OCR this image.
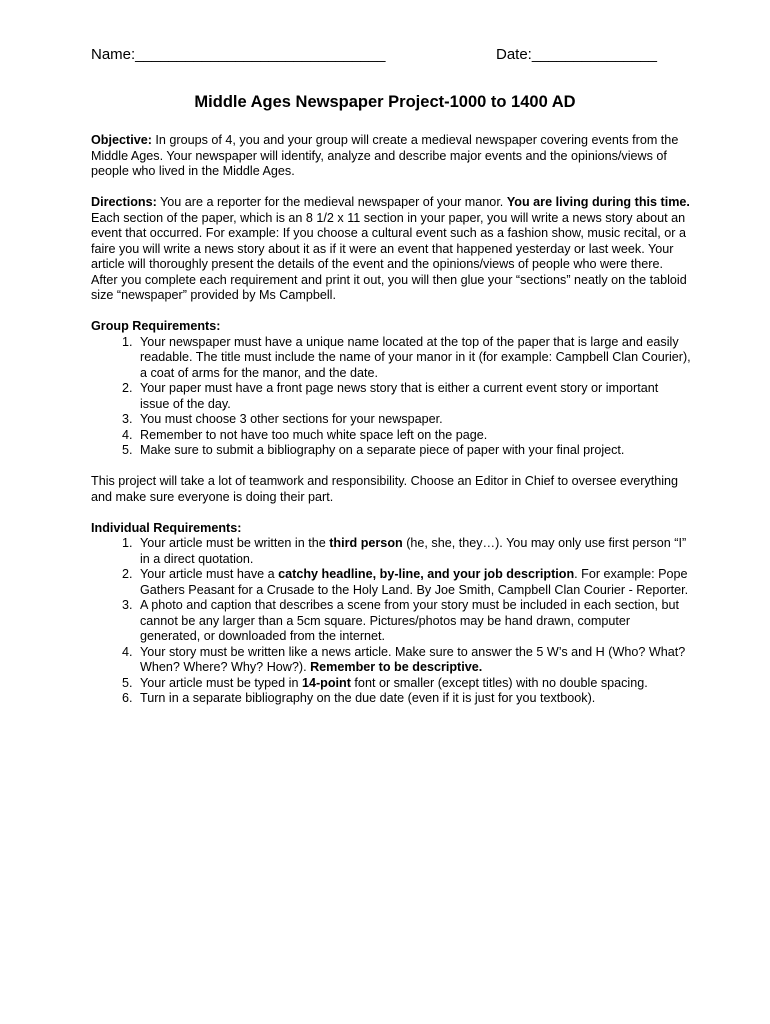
Name:______________________________	Date:_______________
Middle Ages Newspaper Project-1000 to 1400 AD

Objective: In groups of 4, you and your group will create a medieval newspaper covering events from the Middle Ages. Your newspaper will identify, analyze and describe major events and the opinions/views of people who lived in the Middle Ages.

Directions: You are a reporter for the medieval newspaper of your manor. You are living during this time. Each section of the paper, which is an 8 1/2 x 11 section in your paper, you will write a news story about an event that occurred. For example: If you choose a cultural event such as a fashion show, music recital, or a faire you will write a news story about it as if it were an event that happened yesterday or last week. Your article will thoroughly present the details of the event and the opinions/views of people who were there. After you complete each requirement and print it out, you will then glue your “sections” neatly on the tabloid size “newspaper” provided by Ms Campbell.

Group Requirements:
1. Your newspaper must have a unique name located at the top of the paper that is large and easily readable. The title must include the name of your manor in it (for example: Campbell Clan Courier), a coat of arms for the manor, and the date.
2. Your paper must have a front page news story that is either a current event story or important issue of the day.
3. You must choose 3 other sections for your newspaper.
4. Remember to not have too much white space left on the page.
5. Make sure to submit a bibliography on a separate piece of paper with your final project.

This project will take a lot of teamwork and responsibility. Choose an Editor in Chief to oversee everything and make sure everyone is doing their part.

Individual Requirements:
1. Your article must be written in the third person (he, she, they…). You may only use first person “I” in a direct quotation.
2. Your article must have a catchy headline, by-line, and your job description. For example: Pope Gathers Peasant for a Crusade to the Holy Land. By Joe Smith, Campbell Clan Courier - Reporter.
3. A photo and caption that describes a scene from your story must be included in each section, but cannot be any larger than a 5cm square. Pictures/photos may be hand drawn, computer generated, or downloaded from the internet.
4. Your story must be written like a news article. Make sure to answer the 5 W’s and H (Who? What? When? Where? Why? How?). Remember to be descriptive.
5. Your article must be typed in 14-point font or smaller (except titles) with no double spacing.
6. Turn in a separate bibliography on the due date (even if it is just for you textbook).
